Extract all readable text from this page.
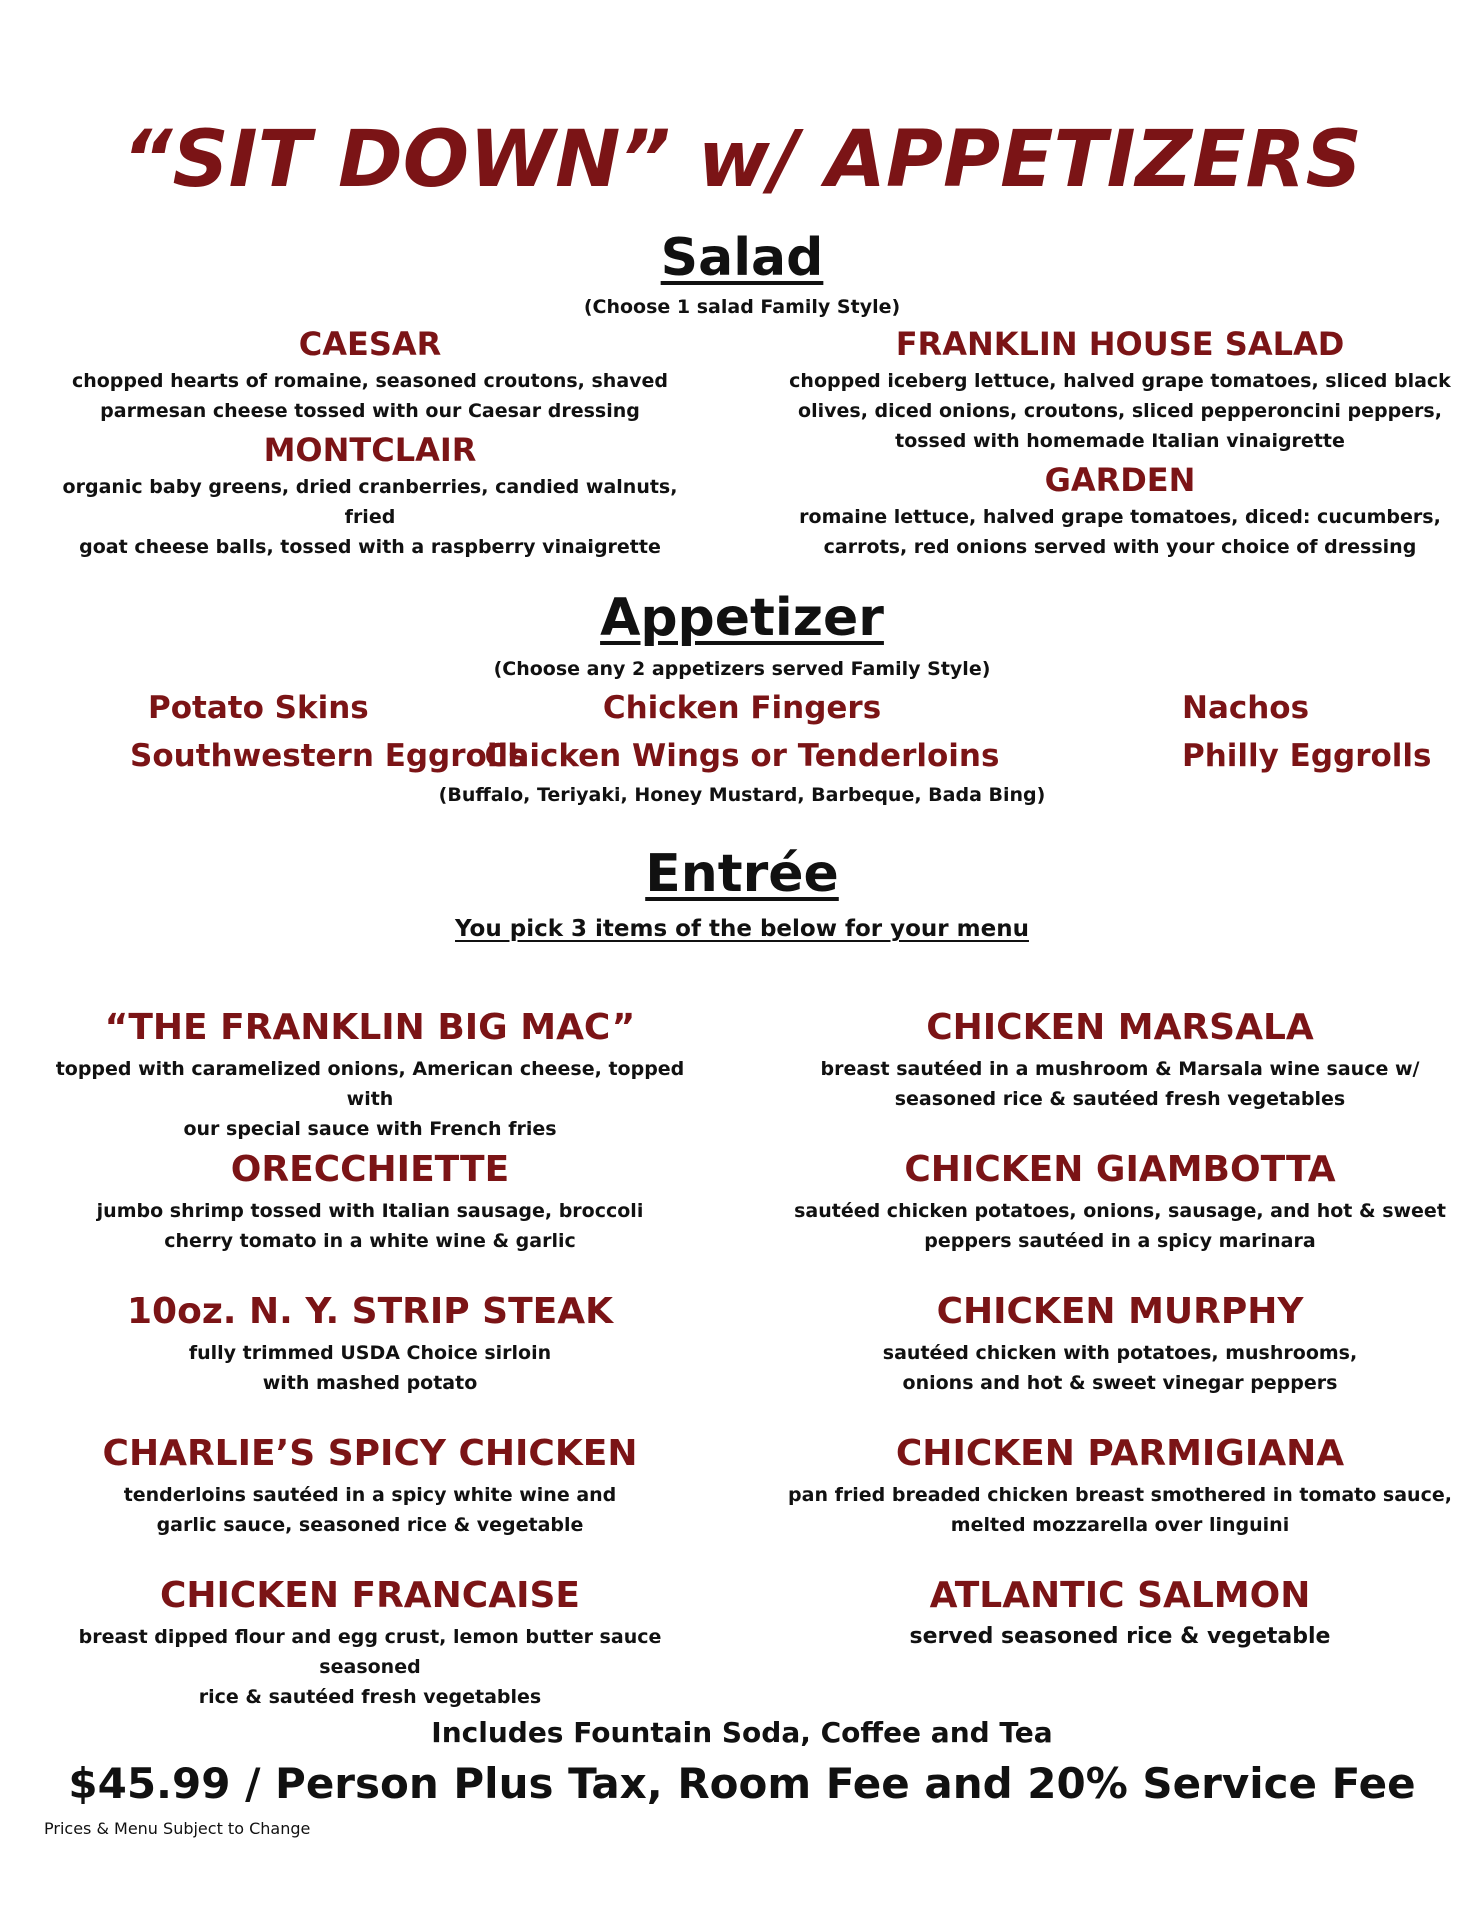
“SIT DOWN” w/ APPETIZERS
Salad
(Choose 1 salad Family Style)
CAESAR
chopped hearts of romaine, seasoned croutons, shaved
parmesan cheese tossed with our Caesar dressing
MONTCLAIR
organic baby greens, dried cranberries, candied walnuts, fried
goat cheese balls, tossed with a raspberry vinaigrette
FRANKLIN HOUSE SALAD
chopped iceberg lettuce, halved grape tomatoes, sliced black
olives, diced onions, croutons, sliced pepperoncini peppers,
tossed with homemade Italian vinaigrette
GARDEN
romaine lettuce, halved grape tomatoes, diced: cucumbers,
carrots, red onions served with your choice of dressing
Appetizer
(Choose any 2 appetizers served Family Style)
Potato Skins	Chicken Fingers	Nachos
Southwestern Eggrolls
Chicken Wings or Tenderloins	Philly Eggrolls
(Buffalo, Teriyaki, Honey Mustard, Barbeque, Bada Bing)
Entrée
You pick 3 items of the below for your menu
“THE FRANKLIN BIG MAC”
topped with caramelized onions, American cheese, topped with
our special sauce with French fries
ORECCHIETTE
jumbo shrimp tossed with Italian sausage, broccoli
cherry tomato in a white wine & garlic
10oz. N. Y. STRIP STEAK
fully trimmed USDA Choice sirloin
with mashed potato
CHARLIE’S SPICY CHICKEN
tenderloins sautéed in a spicy white wine and
garlic sauce, seasoned rice & vegetable
CHICKEN FRANCAISE
breast dipped flour and egg crust, lemon butter sauce seasoned
rice & sautéed fresh vegetables
CHICKEN MARSALA
breast sautéed in a mushroom & Marsala wine sauce w/
seasoned rice & sautéed fresh vegetables
CHICKEN GIAMBOTTA
sautéed chicken potatoes, onions, sausage, and hot & sweet
peppers sautéed in a spicy marinara
CHICKEN MURPHY
sautéed chicken with potatoes, mushrooms,
onions and hot & sweet vinegar peppers
CHICKEN PARMIGIANA
pan fried breaded chicken breast smothered in tomato sauce,
melted mozzarella over linguini
ATLANTIC SALMON
served seasoned rice & vegetable
Includes Fountain Soda, Coffee and Tea
$45.99 / Person Plus Tax, Room Fee and 20% Service Fee
Prices & Menu Subject to Change
